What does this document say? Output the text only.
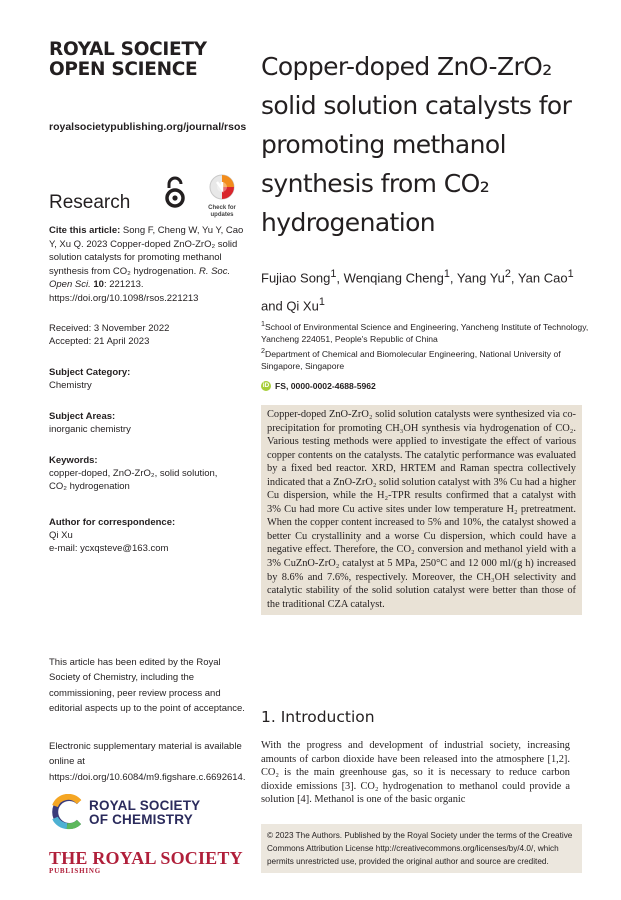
ROYAL SOCIETY
OPEN SCIENCE
royalsocietypublishing.org/journal/rsos
Research	Check for
updates
Cite this article: Song F, Cheng W, Yu Y, Cao Y, Xu Q. 2023 Copper-doped ZnO-ZrO₂ solid solution catalysts for promoting methanol synthesis from CO₂ hydrogenation. R. Soc. Open Sci. 10: 221213. https://doi.org/10.1098/rsos.221213
Received: 3 November 2022
Accepted: 21 April 2023
Subject Category:
Chemistry
Subject Areas:
inorganic chemistry
Keywords:
copper-doped, ZnO-ZrO₂, solid solution,
CO₂ hydrogenation
Author for correspondence:
Qi Xu
e-mail: ycxqsteve@163.com
This article has been edited by the Royal Society of Chemistry, including the commissioning, peer review process and editorial aspects up to the point of acceptance.
Electronic supplementary material is available online at https://doi.org/10.6084/m9.figshare.c.6692614.
ROYAL SOCIETY
OF CHEMISTRY
THE ROYAL SOCIETY
PUBLISHING
Copper-doped ZnO-ZrO₂
solid solution catalysts for
promoting methanol
synthesis from CO₂
hydrogenation
Fujiao Song$^1$, Wenqiang Cheng$^1$, Yang Yu$^2$, Yan Cao$^1$
and Qi Xu$^1$
$^1$School of Environmental Science and Engineering, Yancheng Institute of Technology, Yancheng 224051, People's Republic of China
$^2$Department of Chemical and Biomolecular Engineering, National University of Singapore, Singapore
iD FS, 0000-0002-4688-5962
Copper-doped ZnO-ZrO₂ solid solution catalysts were synthesized via co-precipitation for promoting CH₃OH synthesis via hydrogenation of CO₂. Various testing methods were applied to investigate the effect of various copper contents on the catalysts. The catalytic performance was evaluated by a fixed bed reactor. XRD, HRTEM and Raman spectra collectively indicated that a ZnO-ZrO₂ solid solution catalyst with 3% Cu had a higher Cu dispersion, while the H₂-TPR results confirmed that a catalyst with 3% Cu had more Cu active sites under low temperature H₂ pretreatment. When the copper content increased to 5% and 10%, the catalyst showed a better Cu crystallinity and a worse Cu dispersion, which could have a negative effect. Therefore, the CO₂ conversion and methanol yield with a 3% CuZnO-ZrO₂ catalyst at 5 MPa, 250°C and 12 000 ml/(g h) increased by 8.6% and 7.6%, respectively. Moreover, the CH₃OH selectivity and catalytic stability of the solid solution catalyst were better than those of the traditional CZA catalyst.
1. Introduction
With the progress and development of industrial society, increasing amounts of carbon dioxide have been released into the atmosphere [1,2]. CO₂ is the main greenhouse gas, so it is necessary to reduce carbon dioxide emissions [3]. CO₂ hydrogenation to methanol could provide a solution [4]. Methanol is one of the basic organic
© 2023 The Authors. Published by the Royal Society under the terms of the Creative Commons Attribution License http://creativecommons.org/licenses/by/4.0/, which permits unrestricted use, provided the original author and source are credited.
